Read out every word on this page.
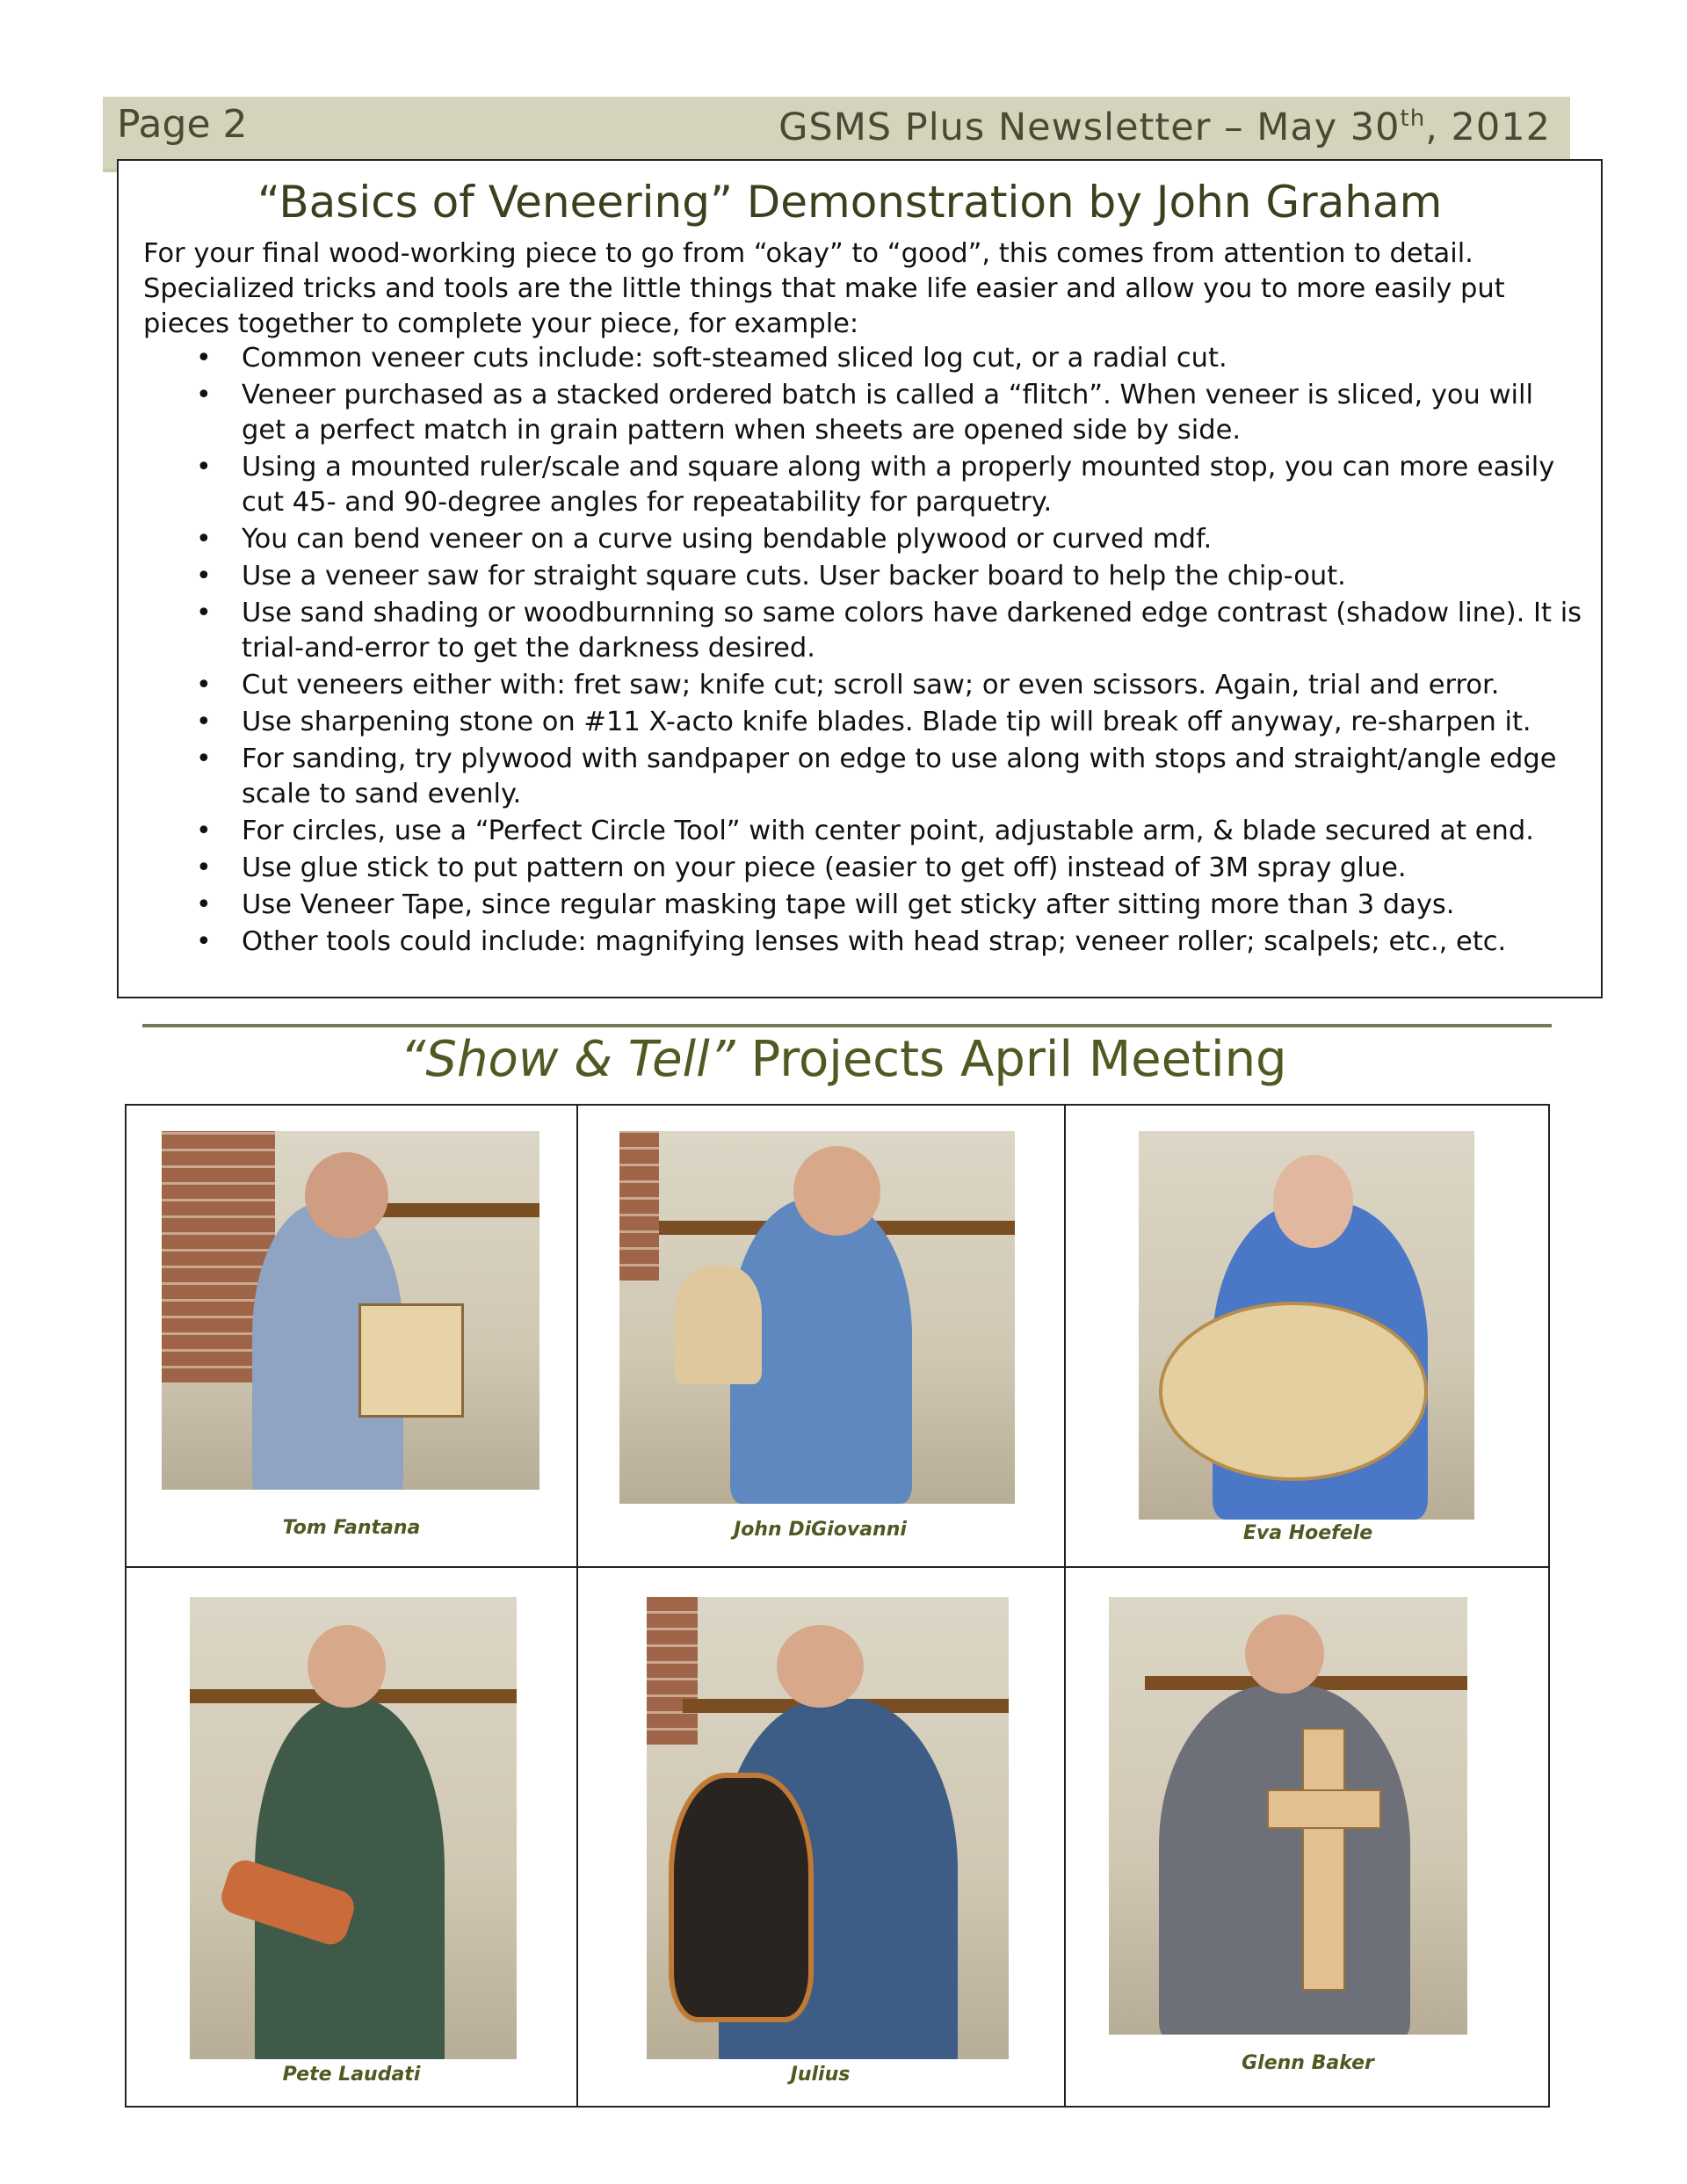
Page 2	GSMS Plus Newsletter – May 30th, 2012
“Basics of Veneering” Demonstration by John Graham

For your final wood-working piece to go from “okay” to “good”, this comes from attention to detail. Specialized tricks and tools are the little things that make life easier and allow you to more easily put pieces together to complete your piece, for example:

• Common veneer cuts include: soft-steamed sliced log cut, or a radial cut.
• Veneer purchased as a stacked ordered batch is called a “flitch”. When veneer is sliced, you will get a perfect match in grain pattern when sheets are opened side by side.
• Using a mounted ruler/scale and square along with a properly mounted stop, you can more easily cut 45- and 90-degree angles for repeatability for parquetry.
• You can bend veneer on a curve using bendable plywood or curved mdf.
• Use a veneer saw for straight square cuts. User backer board to help the chip-out.
• Use sand shading or woodburnning so same colors have darkened edge contrast (shadow line). It is trial-and-error to get the darkness desired.
• Cut veneers either with: fret saw; knife cut; scroll saw; or even scissors. Again, trial and error.
• Use sharpening stone on #11 X-acto knife blades. Blade tip will break off anyway, re-sharpen it.
• For sanding, try plywood with sandpaper on edge to use along with stops and straight/angle edge scale to sand evenly.
• For circles, use a “Perfect Circle Tool” with center point, adjustable arm, & blade secured at end.
• Use glue stick to put pattern on your piece (easier to get off) instead of 3M spray glue.
• Use Veneer Tape, since regular masking tape will get sticky after sitting more than 3 days.
• Other tools could include: magnifying lenses with head strap; veneer roller; scalpels; etc., etc.
“Show & Tell” Projects April Meeting
Tom Fantana	John DiGiovanni	Eva Hoefele
Pete Laudati	Julius
Glenn Baker
